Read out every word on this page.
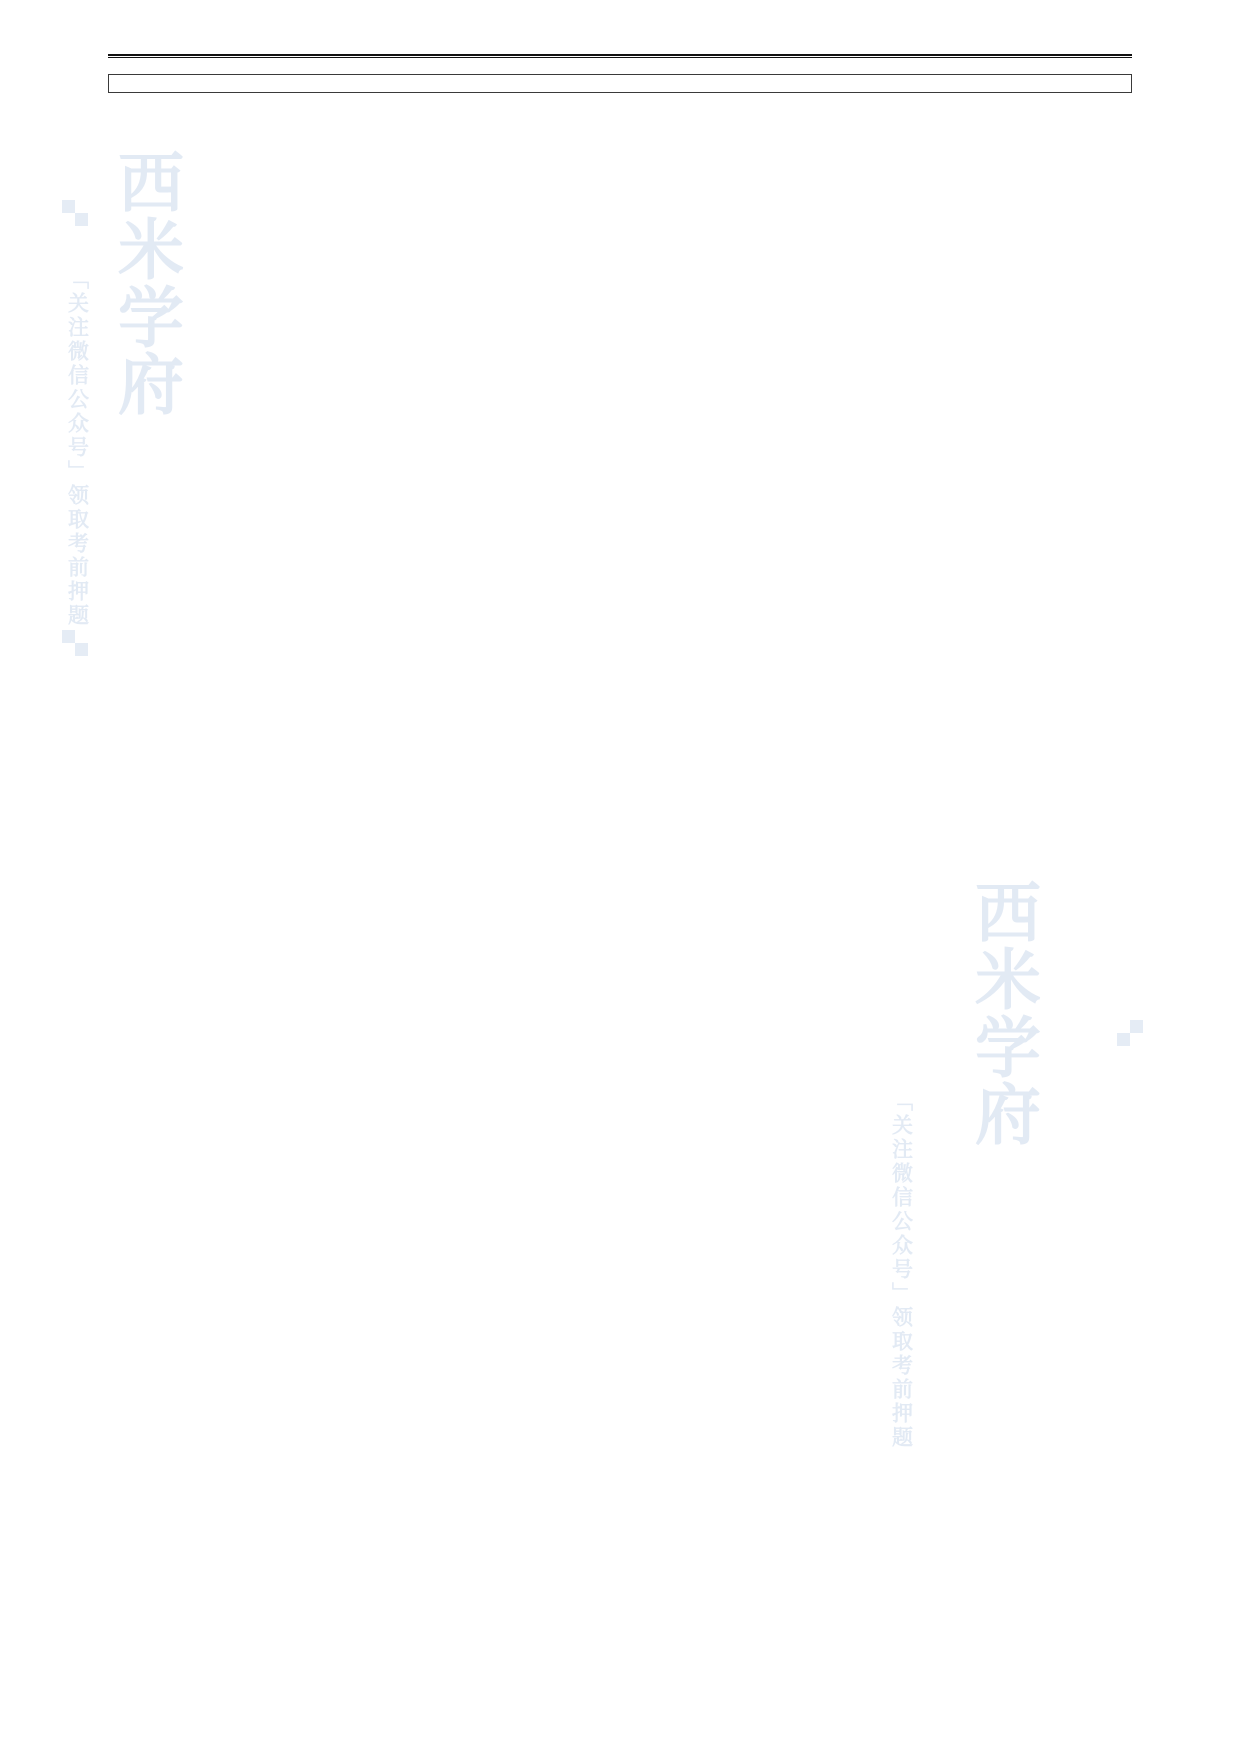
西
米
学
府
「关注微信公众号」领取考前押题
西
米
学
府
「关注微信公众号」领取考前押题
